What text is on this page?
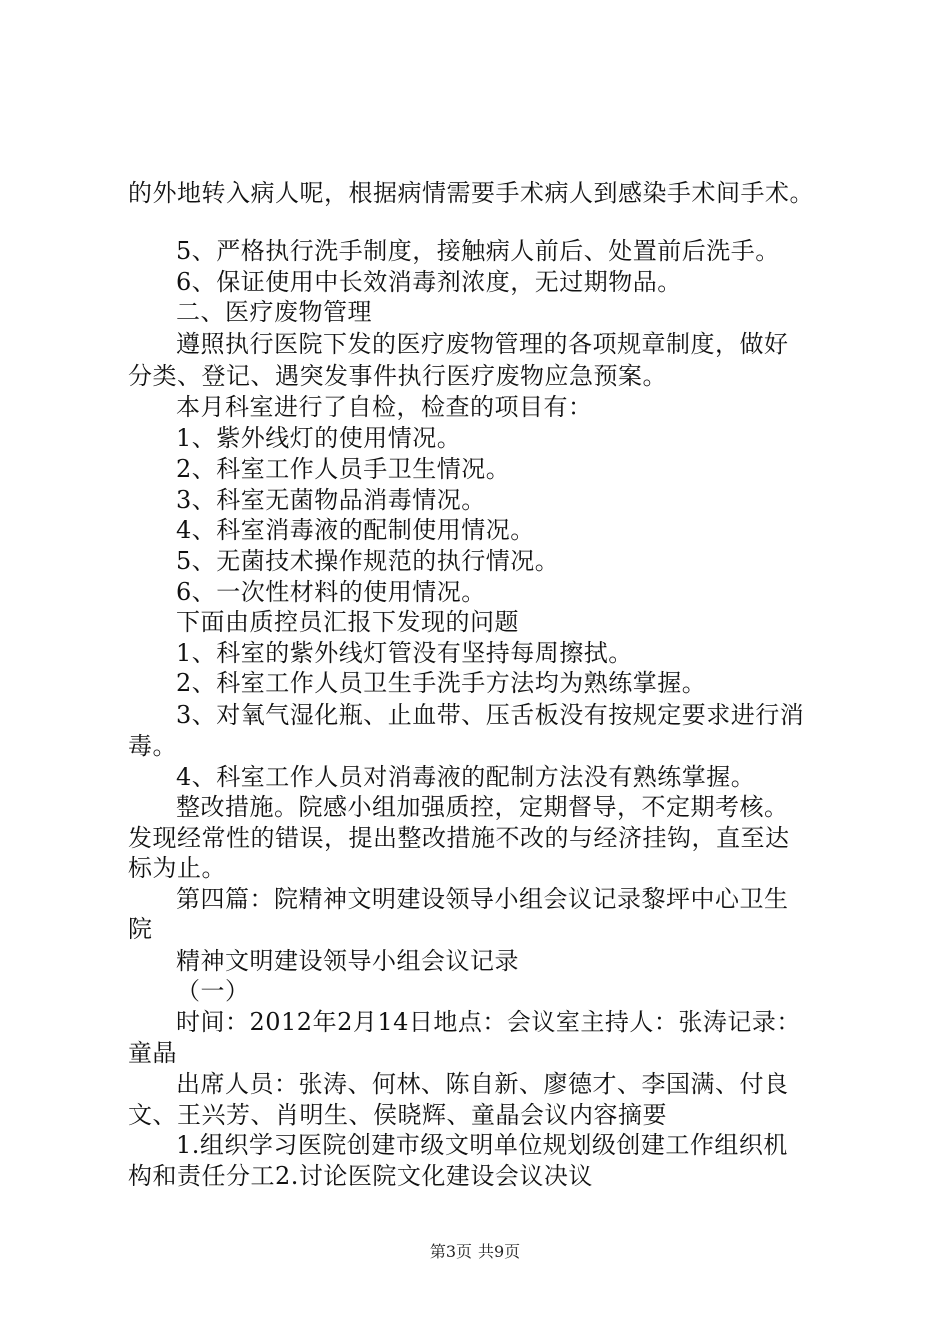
的外地转入病人呢，根据病情需要手术病人到感染手术间手术。
5、严格执行洗手制度，接触病人前后、处置前后洗手。
6、保证使用中长效消毒剂浓度，无过期物品。
二、医疗废物管理
遵照执行医院下发的医疗废物管理的各项规章制度，做好
分类、登记、遇突发事件执行医疗废物应急预案。
本月科室进行了自检，检查的项目有：
1、紫外线灯的使用情况。
2、科室工作人员手卫生情况。
3、科室无菌物品消毒情况。
4、科室消毒液的配制使用情况。
5、无菌技术操作规范的执行情况。
6、一次性材料的使用情况。
下面由质控员汇报下发现的问题
1、科室的紫外线灯管没有坚持每周擦拭。
2、科室工作人员卫生手洗手方法均为熟练掌握。
3、对氧气湿化瓶、止血带、压舌板没有按规定要求进行消
毒。
4、科室工作人员对消毒液的配制方法没有熟练掌握。
整改措施。院感小组加强质控，定期督导，不定期考核。
发现经常性的错误，提出整改措施不改的与经济挂钩，直至达
标为止。
第四篇：院精神文明建设领导小组会议记录黎坪中心卫生
院
精神文明建设领导小组会议记录
（一）
时间：2012年2月14日地点：会议室主持人：张涛记录：
童晶
出席人员：张涛、何林、陈自新、廖德才、李国满、付良
文、王兴芳、肖明生、侯晓辉、童晶会议内容摘要
1.组织学习医院创建市级文明单位规划级创建工作组织机
构和责任分工2.讨论医院文化建设会议决议
第3页 共9页
